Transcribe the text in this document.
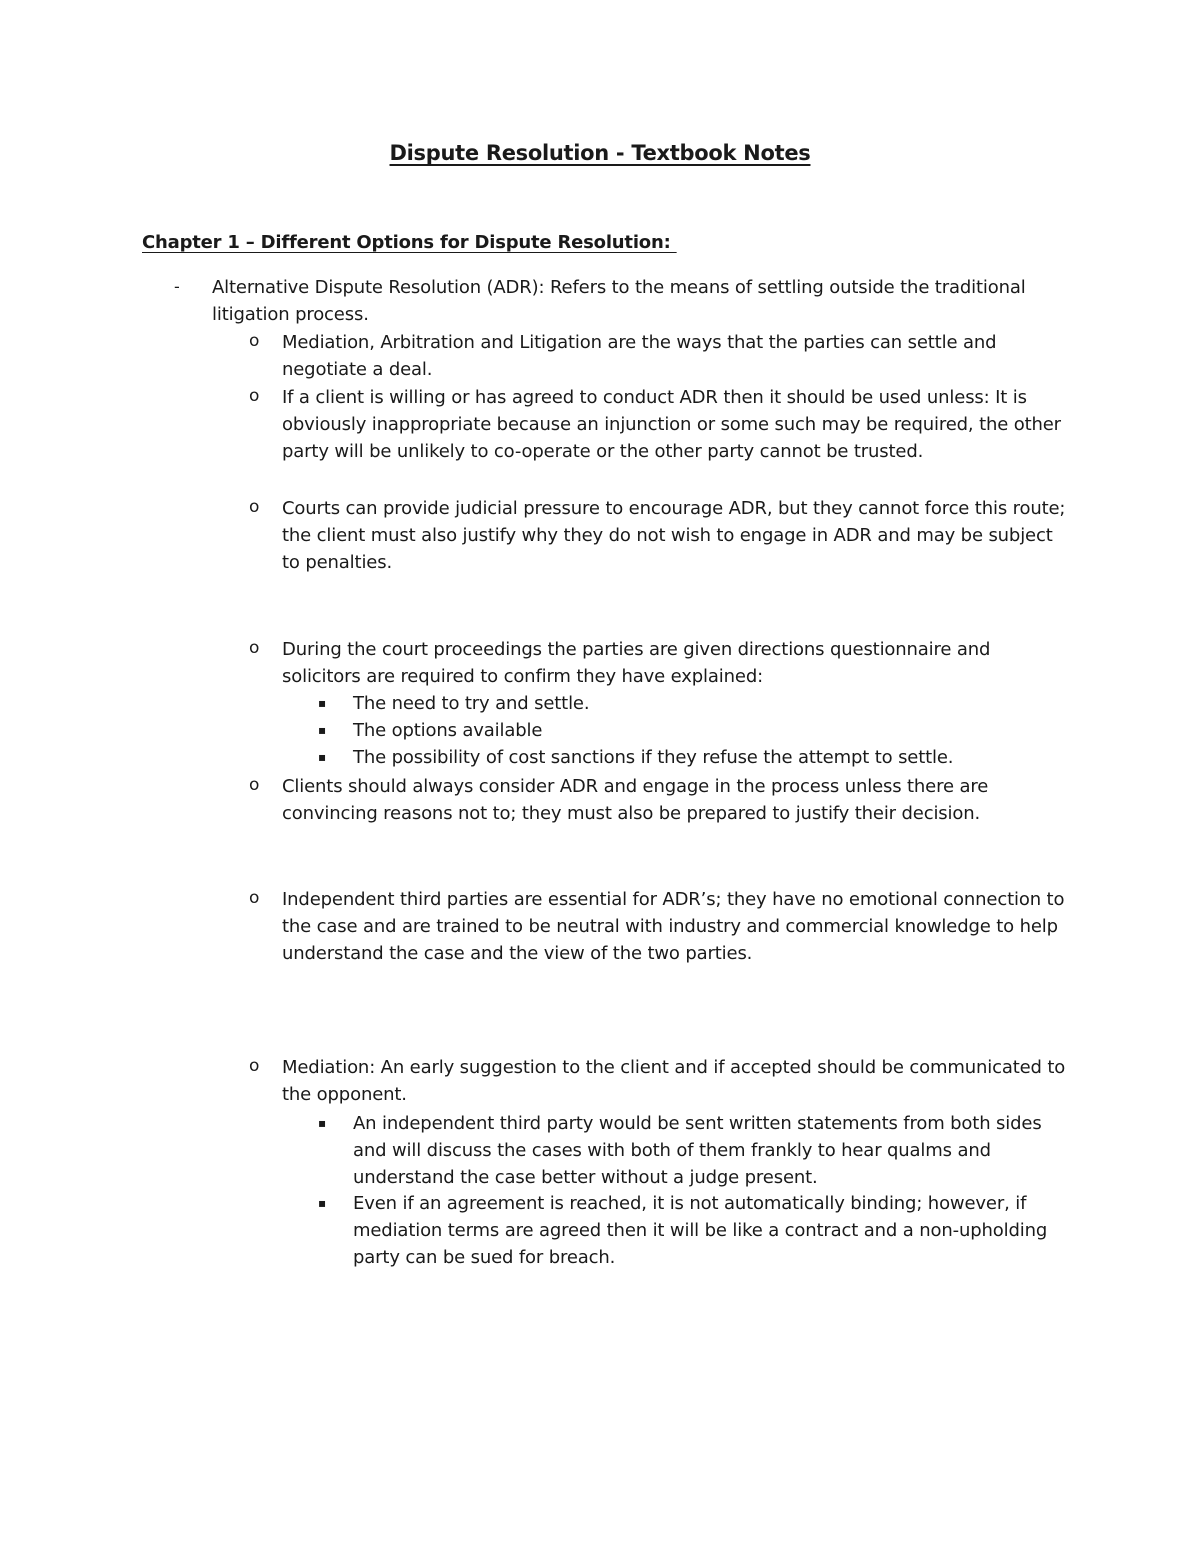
Dispute Resolution - Textbook Notes
Chapter 1 – Different Options for Dispute Resolution:
- Alternative Dispute Resolution (ADR): Refers to the means of settling outside the traditional litigation process.
o Mediation, Arbitration and Litigation are the ways that the parties can settle and negotiate a deal.
o If a client is willing or has agreed to conduct ADR then it should be used unless: It is obviously inappropriate because an injunction or some such may be required, the other party will be unlikely to co-operate or the other party cannot be trusted.
o Courts can provide judicial pressure to encourage ADR, but they cannot force this route; the client must also justify why they do not wish to engage in ADR and may be subject to penalties.
o During the court proceedings the parties are given directions questionnaire and solicitors are required to confirm they have explained:
▪ The need to try and settle.
▪ The options available
▪ The possibility of cost sanctions if they refuse the attempt to settle.
o Clients should always consider ADR and engage in the process unless there are convincing reasons not to; they must also be prepared to justify their decision.
o Independent third parties are essential for ADR’s; they have no emotional connection to the case and are trained to be neutral with industry and commercial knowledge to help understand the case and the view of the two parties.
o Mediation: An early suggestion to the client and if accepted should be communicated to the opponent.
▪ An independent third party would be sent written statements from both sides and will discuss the cases with both of them frankly to hear qualms and understand the case better without a judge present.
▪ Even if an agreement is reached, it is not automatically binding; however, if mediation terms are agreed then it will be like a contract and a non-upholding party can be sued for breach.
